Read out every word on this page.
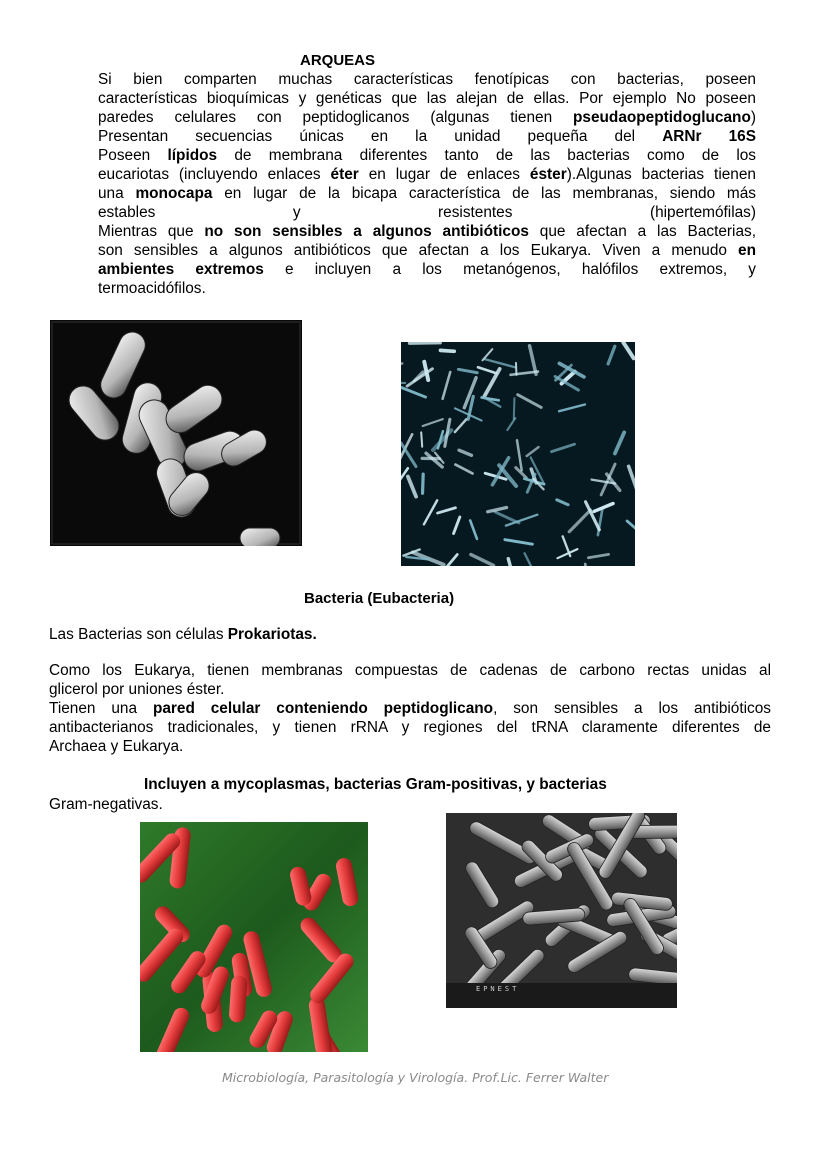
ARQUEAS
Si bien comparten muchas características fenotípicas con bacterias, poseen
características bioquímicas y genéticas que las alejan de ellas. Por ejemplo No poseen
paredes celulares con peptidoglicanos (algunas tienen pseudaopeptidoglucano)
Presentan secuencias únicas en la unidad pequeña del ARNr 16S
Poseen lípidos de membrana diferentes tanto de las bacterias como de los
eucariotas (incluyendo enlaces éter en lugar de enlaces éster).Algunas bacterias tienen
una monocapa en lugar de la bicapa característica de las membranas, siendo más
estables y resistentes (hipertemófilas)
Mientras que no son sensibles a algunos antibióticos que afectan a las Bacterias,
son sensibles a algunos antibióticos que afectan a los Eukarya. Viven a menudo en
ambientes extremos e incluyen a los metanógenos, halófilos extremos, y
termoacidófilos.
Bacteria (Eubacteria)
Las Bacterias son células Prokariotas.
Como los Eukarya, tienen membranas compuestas de cadenas de carbono rectas unidas al
glicerol por uniones éster.
Tienen una pared celular conteniendo peptidoglicano, son sensibles a los antibióticos
antibacterianos tradicionales, y tienen rRNA y regiones del tRNA claramente diferentes de
Archaea y Eukarya.
Incluyen a mycoplasmas, bacterias Gram-positivas, y bacterias
Gram-negativas.
EPNEST
Microbiología, Parasitología y Virología. Prof.Lic. Ferrer Walter
